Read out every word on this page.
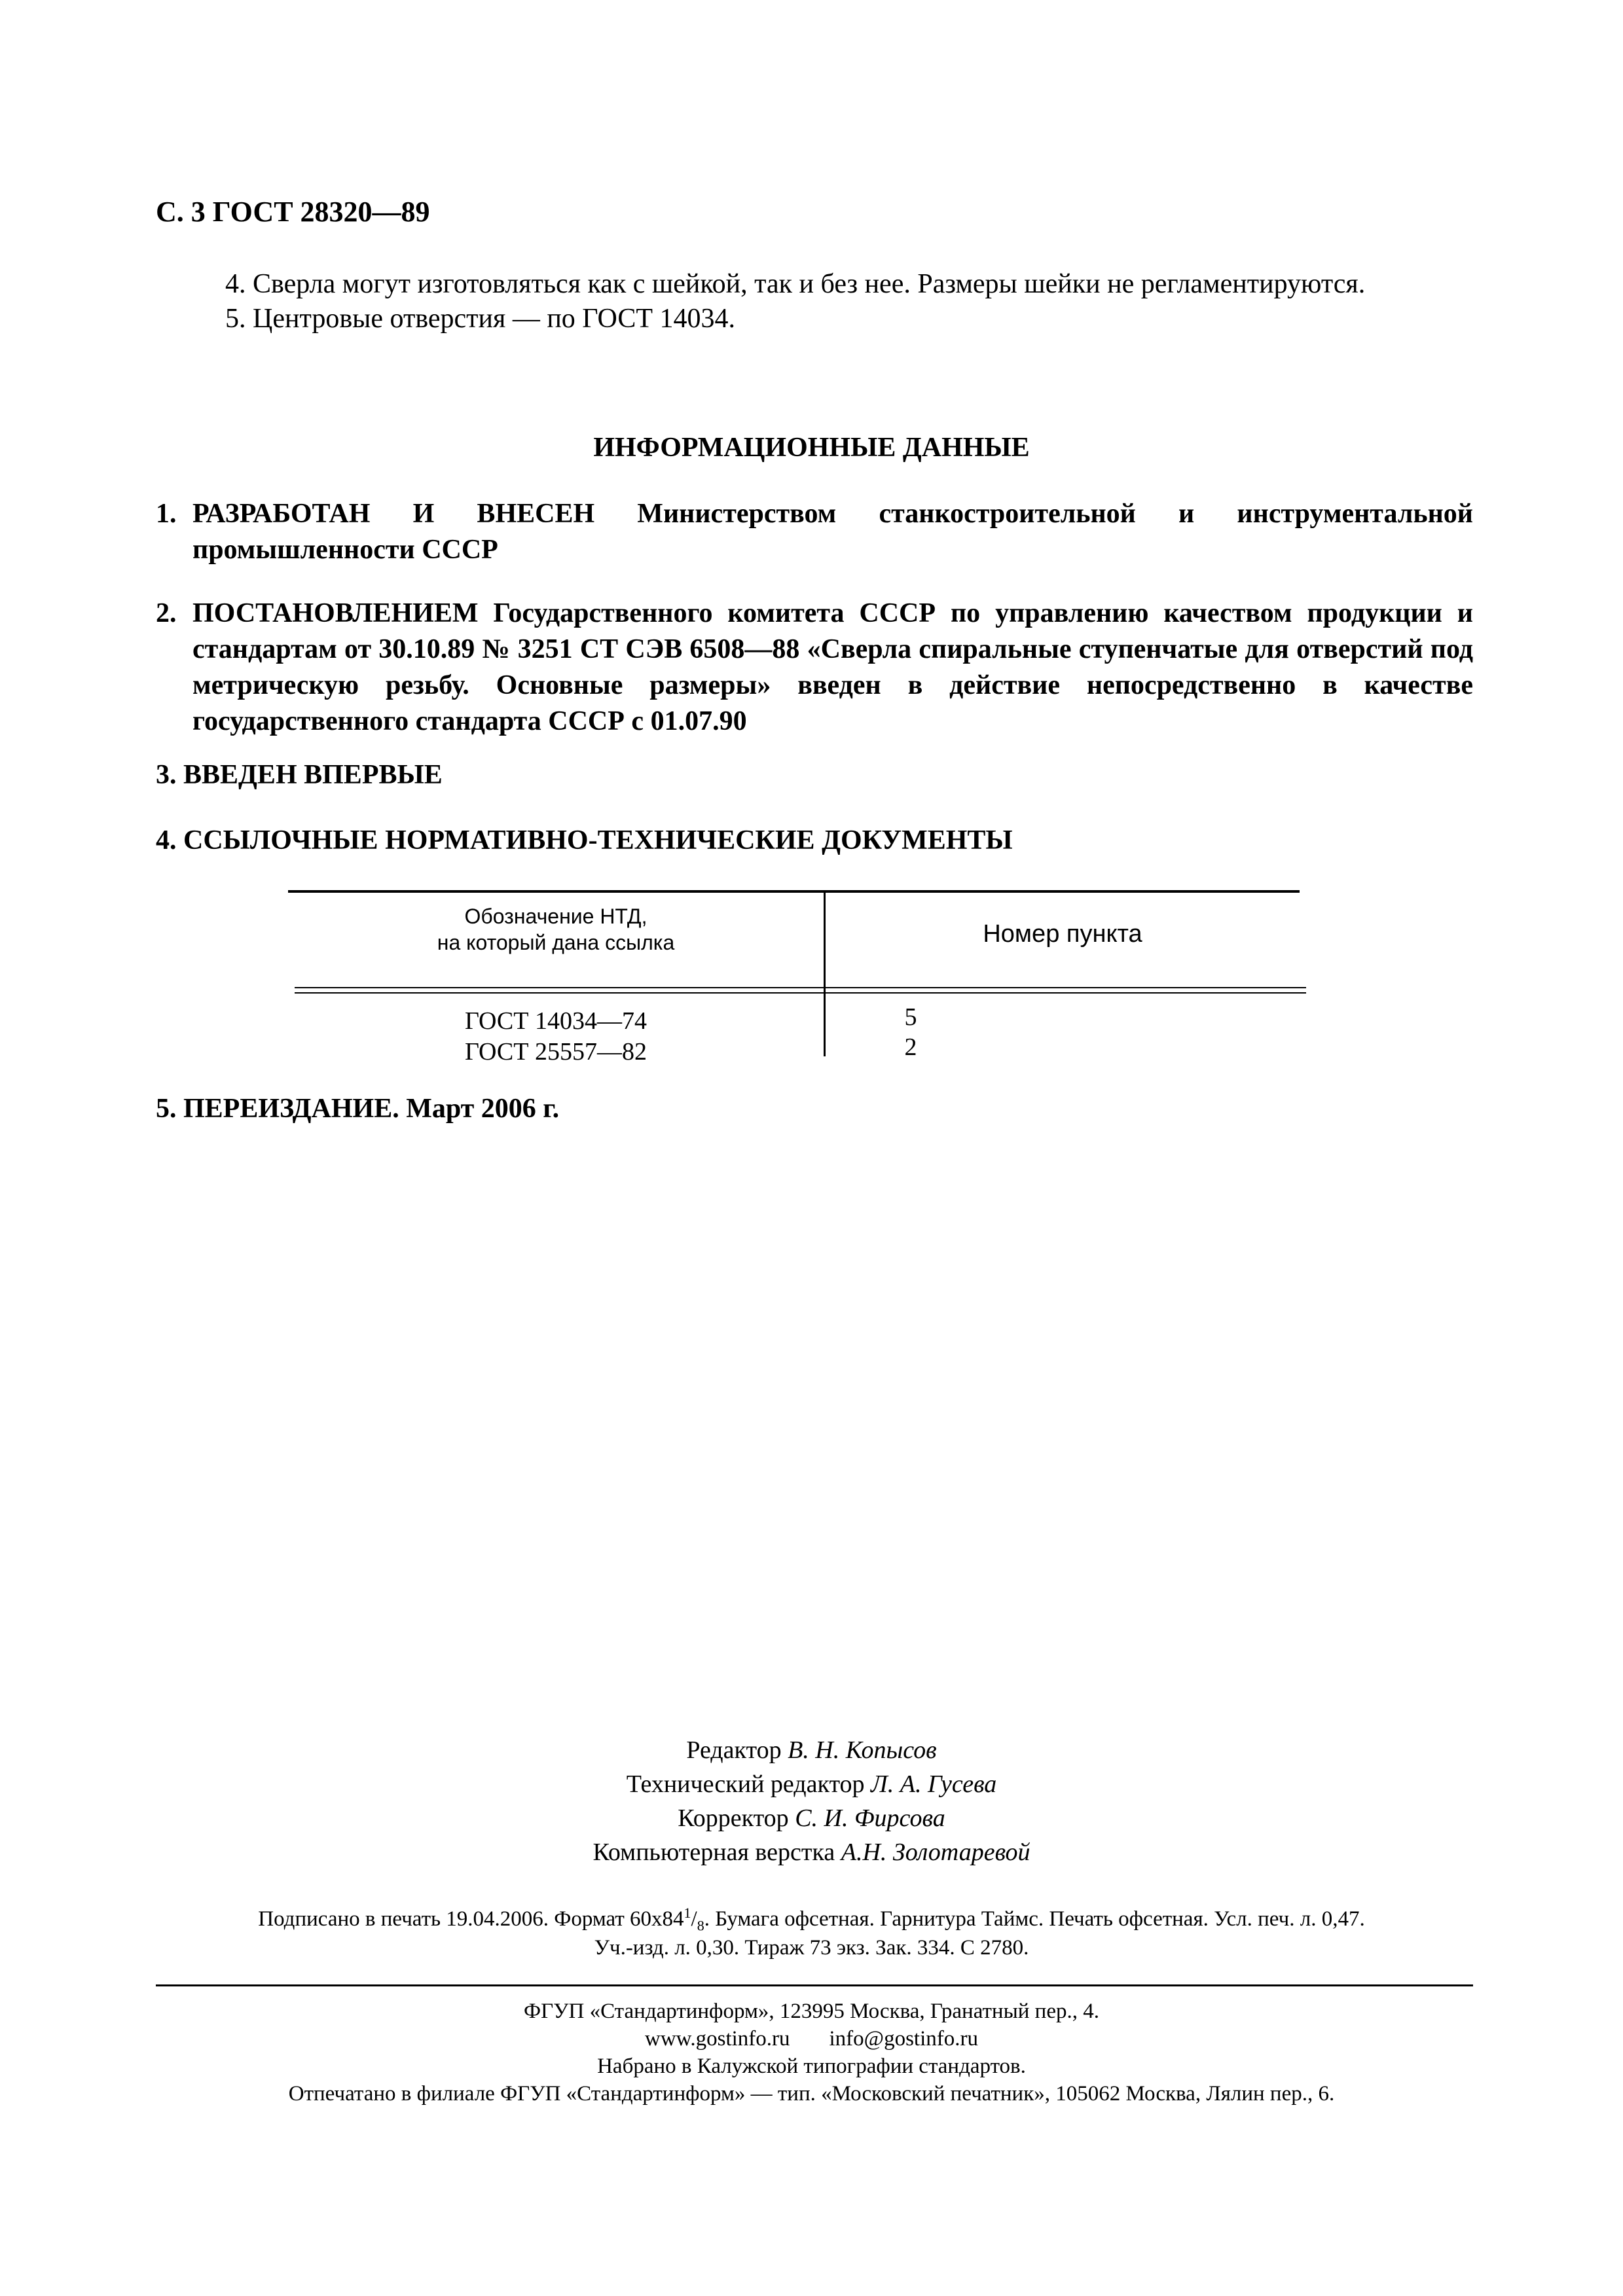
С. 3 ГОСТ 28320—89
4. Сверла могут изготовляться как с шейкой, так и без нее. Размеры шейки не регламентируются.
5. Центровые отверстия — по ГОСТ 14034.
ИНФОРМАЦИОННЫЕ ДАННЫЕ
1. РАЗРАБОТАН И ВНЕСЕН Министерством станкостроительной и инструментальной промышленности СССР
2. ПОСТАНОВЛЕНИЕМ Государственного комитета СССР по управлению качеством продукции и стандартам от 30.10.89 № 3251 СТ СЭВ 6508—88 «Сверла спиральные ступенчатые для отверстий под метрическую резьбу. Основные размеры» введен в действие непосредственно в качестве государственного стандарта СССР с 01.07.90
3. ВВЕДЕН ВПЕРВЫЕ
4. ССЫЛОЧНЫЕ НОРМАТИВНО-ТЕХНИЧЕСКИЕ ДОКУМЕНТЫ
Обозначение НТД,
на который дана ссылка	Номер пункта
ГОСТ 14034—74	5
ГОСТ 25557—82	2
5. ПЕРЕИЗДАНИЕ. Март 2006 г.
Редактор В. Н. Копысов
Технический редактор Л. А. Гусева
Корректор С. И. Фирсова
Компьютерная верстка А.Н. Золотаревой
Подписано в печать 19.04.2006. Формат $60x84^1/_8$. Бумага офсетная. Гарнитура Таймс. Печать офсетная. Усл. печ. л. 0,47.
Уч.-изд. л. 0,30. Тираж 73 экз. Зак. 334. С 2780.
ФГУП «Стандартинформ», 123995 Москва, Гранатный пер., 4.
www.gostinfo.ru info@gostinfo.ru
Набрано в Калужской типографии стандартов.
Отпечатано в филиале ФГУП «Стандартинформ» — тип. «Московский печатник», 105062 Москва, Лялин пер., 6.
